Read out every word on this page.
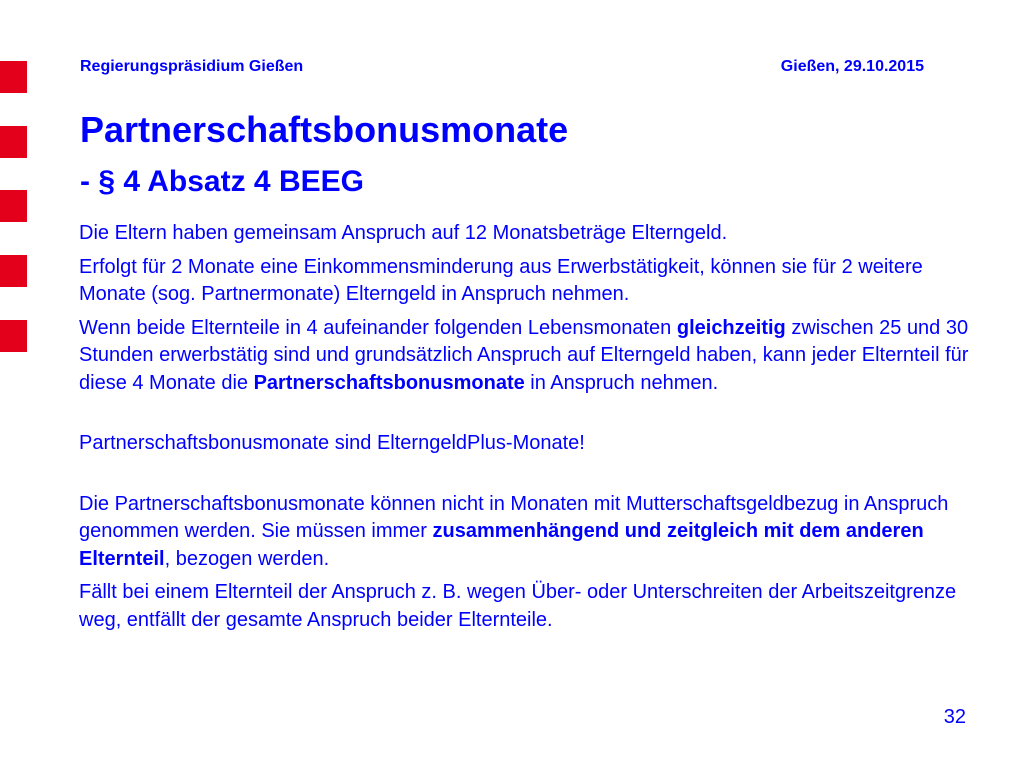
Regierungspräsidium Gießen	Gießen, 29.10.2015
Partnerschaftsbonusmonate
- § 4 Absatz 4 BEEG

Die Eltern haben gemeinsam Anspruch auf 12 Monatsbeträge Elterngeld.

Erfolgt für 2 Monate eine Einkommensminderung aus Erwerbstätigkeit, können sie für 2 weitere Monate (sog. Partnermonate) Elterngeld in Anspruch nehmen.

Wenn beide Elternteile in 4 aufeinander folgenden Lebensmonaten gleichzeitig zwischen 25 und 30 Stunden erwerbstätig sind und grundsätzlich Anspruch auf Elterngeld haben, kann jeder Elternteil für diese 4 Monate die Partnerschaftsbonusmonate in Anspruch nehmen.

Partnerschaftsbonusmonate sind ElterngeldPlus-Monate!

Die Partnerschaftsbonusmonate können nicht in Monaten mit Mutterschaftsgeldbezug in Anspruch genommen werden. Sie müssen immer zusammenhängend und zeitgleich mit dem anderen Elternteil, bezogen werden.

Fällt bei einem Elternteil der Anspruch z. B. wegen Über- oder Unterschreiten der Arbeitszeitgrenze weg, entfällt der gesamte Anspruch beider Elternteile.

32
